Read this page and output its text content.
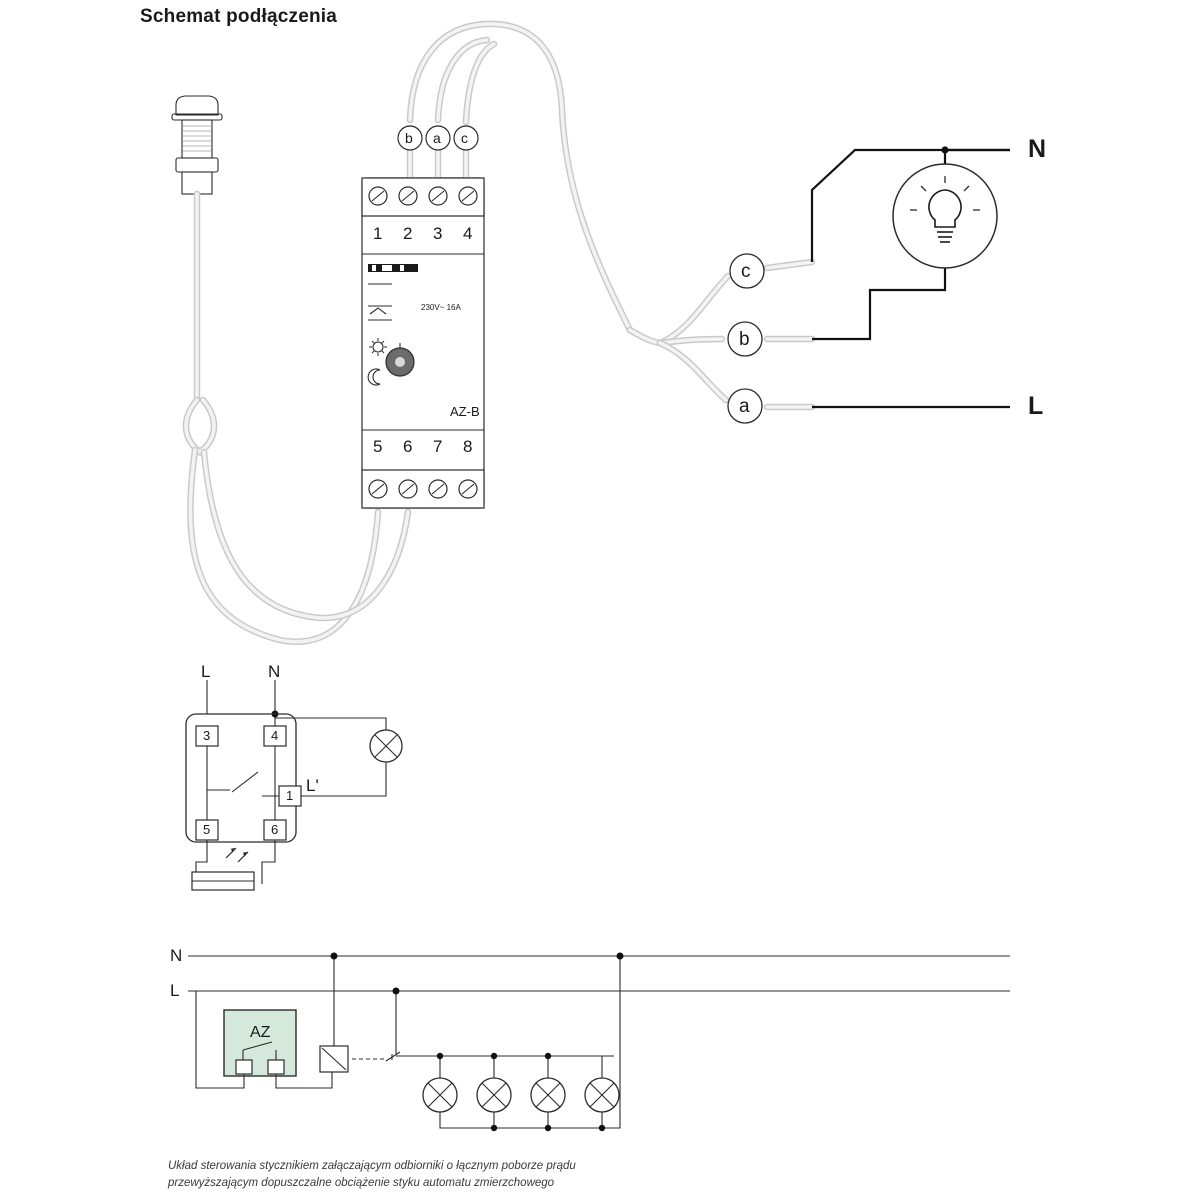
Schemat podłączenia
b a c
1 2 3 4
5 6 7 8
230V~ 16A
AZ-B
c
b
a
N
L
L	N
3	4
1
5	6
L'
N
L
AZ
Układ sterowania stycznikiem załączającym odbiorniki o łącznym poborze prądu
przewyższającym dopuszczalne obciążenie styku automatu zmierzchowego
